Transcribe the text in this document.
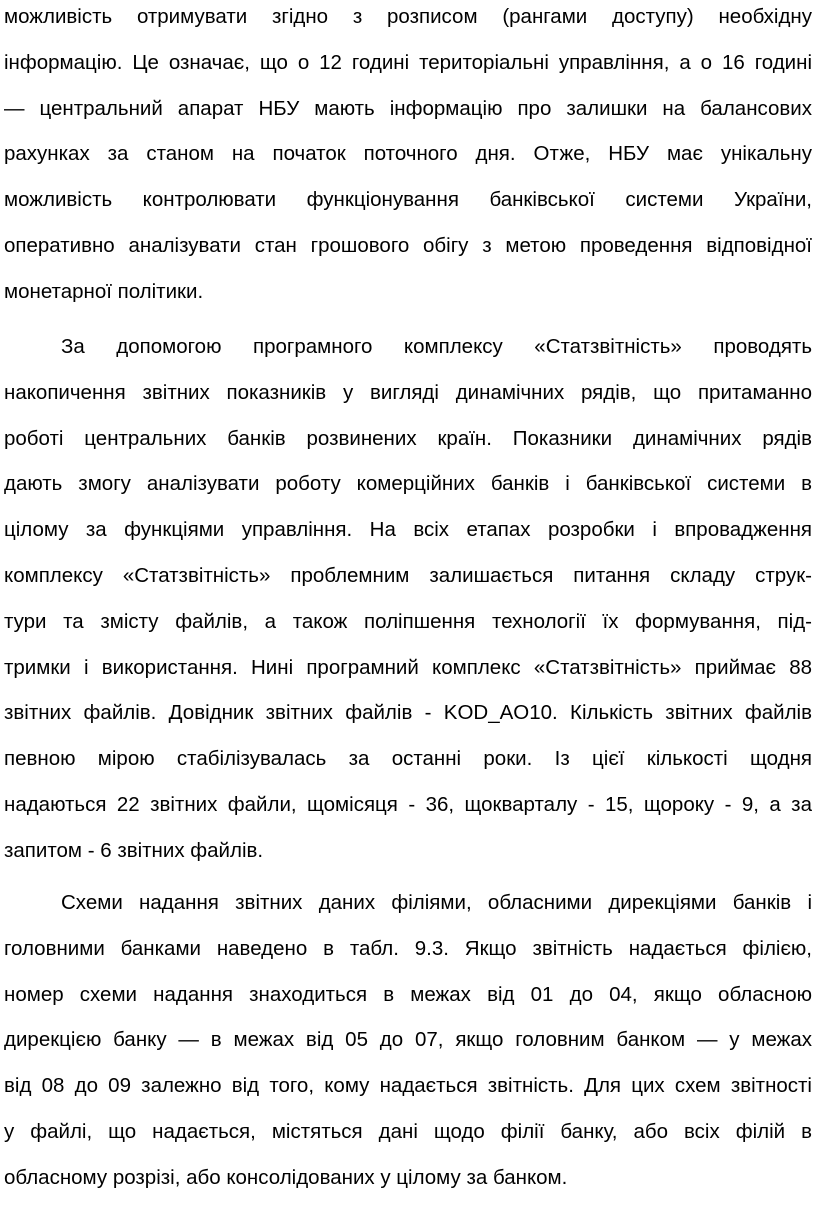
можливість отримувати згідно з розписом (рангами доступу) необхідну
інформацію. Це означає, що о 12 годині територіальні управління, а о 16 годині
— центральний апарат НБУ мають інформацію про залишки на балансових
рахунках за станом на початок поточного дня. Отже, НБУ має унікальну
можливість контролювати функціонування банківської системи України,
оперативно аналізувати стан грошового обігу з метою проведення відповідної
монетарної політики.

За допомогою програмного комплексу «Статзвітність» проводять
накопичення звітних показників у вигляді динамічних рядів, що притаманно
роботі центральних банків розвинених країн. Показники динамічних рядів
дають змогу аналізувати роботу комерційних банків і банківської системи в
цілому за функціями управління. На всіх етапах розробки і впровадження
комплексу «Статзвітність» проблемним залишається питання складу струк-
тури та змісту файлів, а також поліпшення технології їх формування, під-
тримки і використання. Нині програмний комплекс «Статзвітність» приймає 88
звітних файлів. Довідник звітних файлів - KOD_AO10. Кількість звітних файлів
певною мірою стабілізувалась за останні роки. Із цієї кількості щодня
надаються 22 звітних файли, щомісяця - 36, щокварталу - 15, щороку - 9, а за
запитом - 6 звітних файлів.

Схеми надання звітних даних філіями, обласними дирекціями банків і
головними банками наведено в табл. 9.3. Якщо звітність надається філією,
номер схеми надання знаходиться в межах від 01 до 04, якщо обласною
дирекцією банку — в межах від 05 до 07, якщо головним банком — у межах
від 08 до 09 залежно від того, кому надається звітність. Для цих схем звітності
у файлі, що надається, містяться дані щодо філії банку, або всіх філій в
обласному розрізі, або консолідованих у цілому за банком.
